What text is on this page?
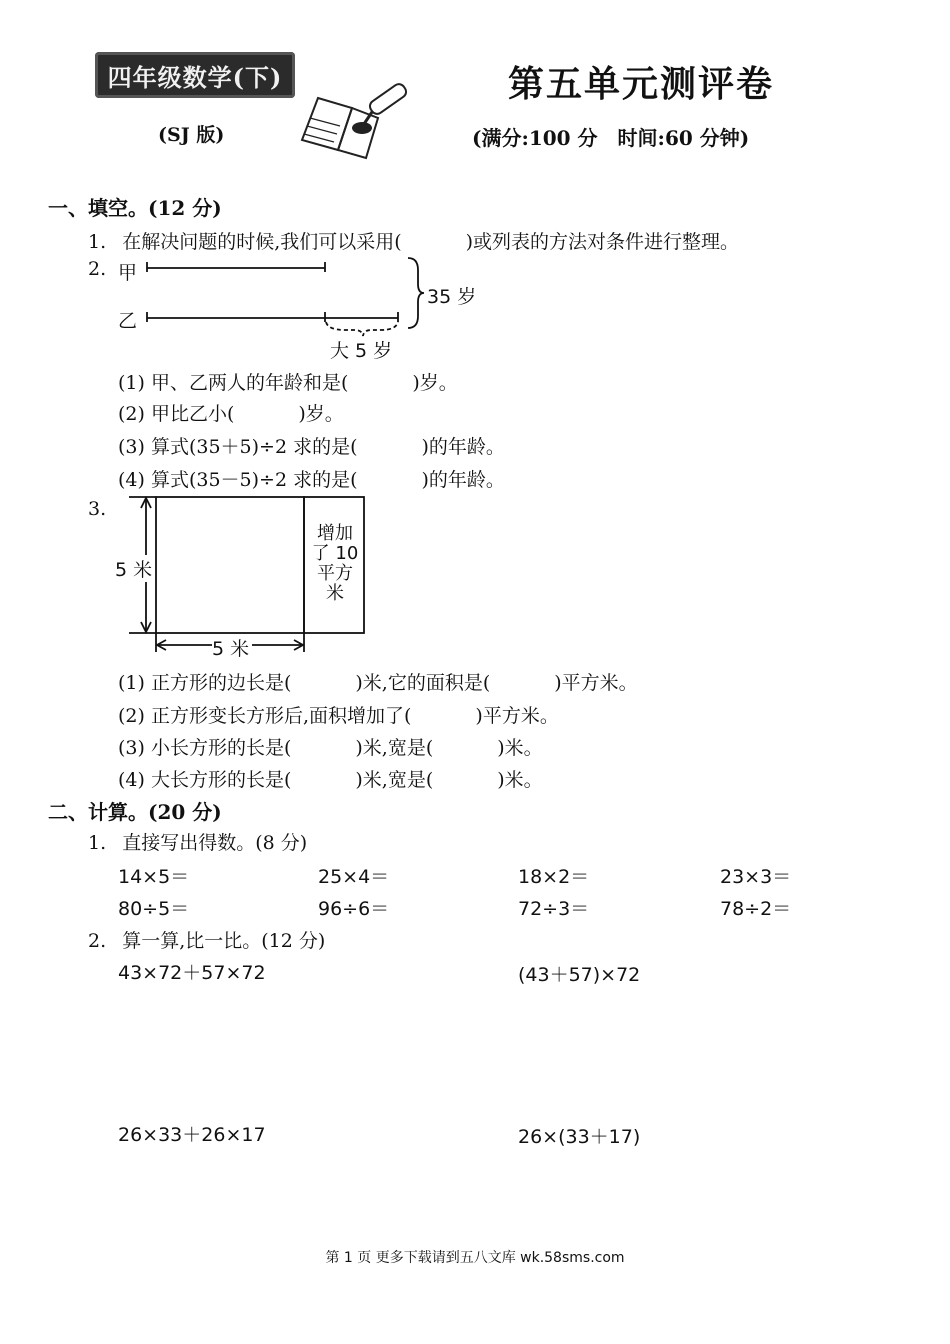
四年级数学(下)
(SJ 版)
第五单元测评卷
(满分:100 分　时间:60 分钟)
一、填空。(12 分)
1. 在解决问题的时候,我们可以采用(	)或列表的方法对条件进行整理。
2. 甲
乙
35 岁
大 5 岁
(1) 甲、乙两人的年龄和是(	)岁。
(2) 甲比乙小(	)岁。
(3) 算式(35＋5)÷2 求的是(	)的年龄。
(4) 算式(35－5)÷2 求的是(	)的年龄。
3.
5 米
5 米
增加
了 10
平方
米
(1) 正方形的边长是(	)米,它的面积是(	)平方米。
(2) 正方形变长方形后,面积增加了(	)平方米。
(3) 小长方形的长是(	)米,宽是(	)米。
(4) 大长方形的长是(	)米,宽是(	)米。
二、计算。(20 分)
1. 直接写出得数。(8 分)
14×5＝	25×4＝	18×2＝	23×3＝
80÷5＝	96÷6＝	72÷3＝	78÷2＝
2. 算一算,比一比。(12 分)
43×72＋57×72	(43＋57)×72
26×33＋26×17	26×(33＋17)
第 1 页 更多下载请到五八文库 wk.58sms.com
